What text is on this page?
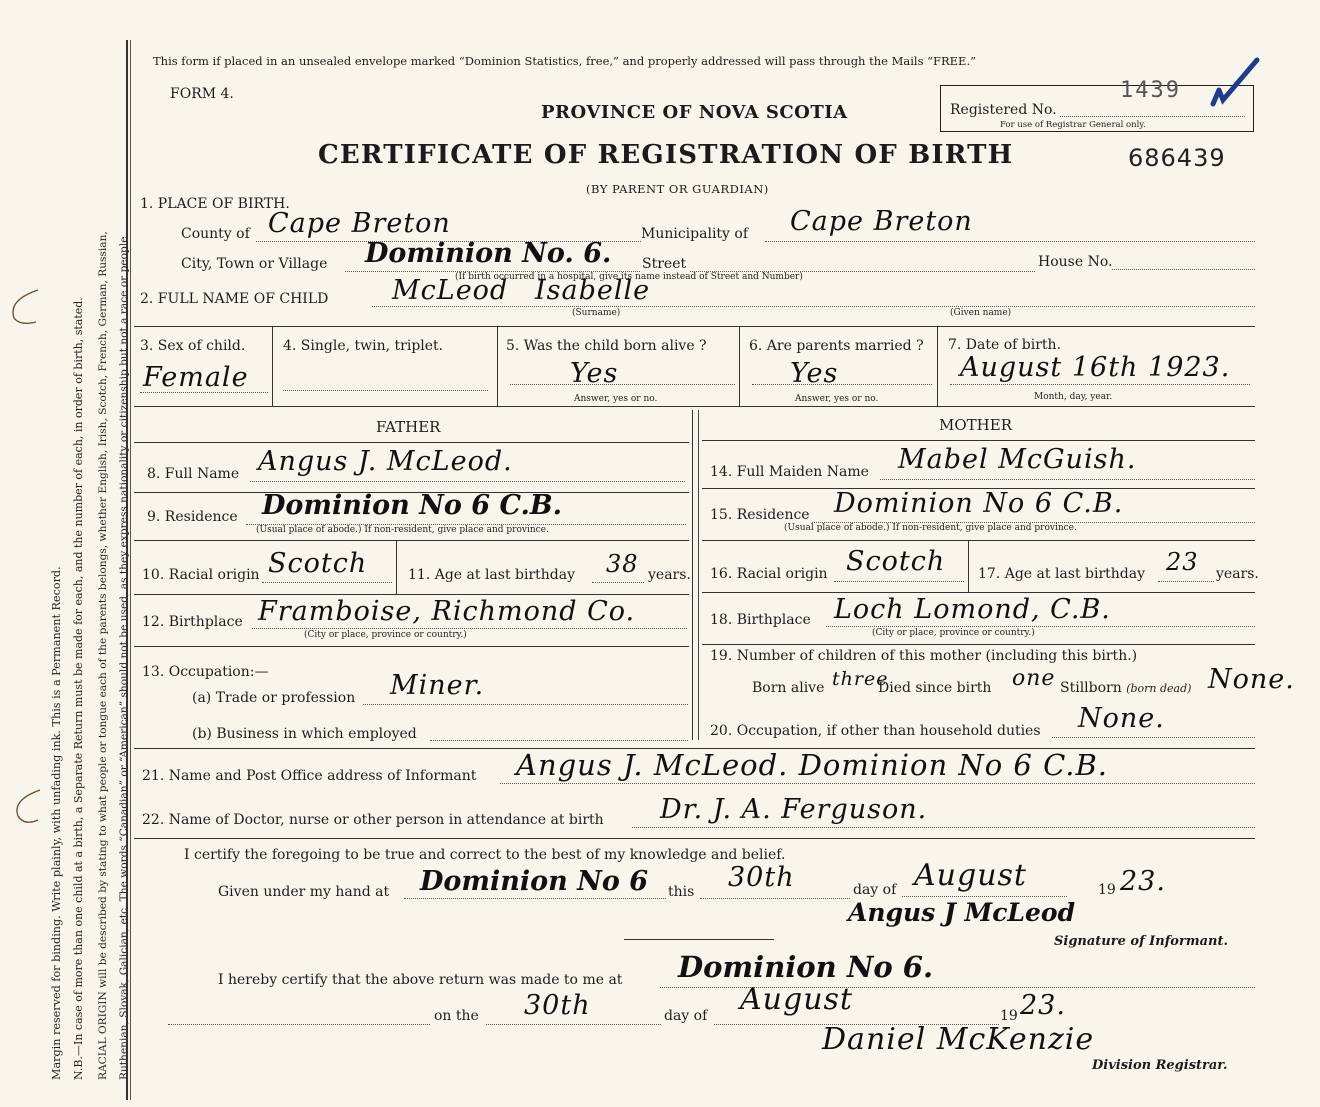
Margin reserved for binding. Write plainly, with unfading ink. This is a Permanent Record. N.B.—In case of more than one child at a birth, a Separate Return must be made for each, and the number of each, in order of birth, stated. RACIAL ORIGIN will be described by stating to what people or tongue each of the parents belongs, whether English, Irish, Scotch, French, German, Russian, Ruthenian, Slovak, Galician, etc. The words “Canadian” or “American” should not be used, as they express nationality or citizenship but not a race or people.
This form if placed in an unsealed envelope marked “Dominion Statistics, free,” and properly addressed will pass through the Mails “FREE.”
FORM 4.
PROVINCE OF NOVA SCOTIA	Registered No.
1439
For use of Registrar General only.
CERTIFICATE OF REGISTRATION OF BIRTH	686439
(BY PARENT OR GUARDIAN)
1. PLACE OF BIRTH.
County of Cape Breton	Municipality of Cape Breton
City, Town or Village Dominion No. 6. Street	House No.
(If birth occurred in a hospital, give its name instead of Street and Number)
2. FULL NAME OF CHILD McLeod Isabelle
(Surname)	(Given name)
3. Sex of child.
Female
4. Single, twin, triplet.	5. Was the child born alive ?
Yes
Answer, yes or no.
6. Are parents married ?
Yes
Answer, yes or no.
7. Date of birth.
August 16th 1923.
Month, day, year.
FATHER	MOTHER
8. Full Name Angus J. McLeod.
9. Residence Dominion No 6 C.B.
(Usual place of abode.) If non-resident, give place and province.
10. Racial origin Scotch	11. Age at last birthday 38 years.
12. Birthplace Framboise, Richmond Co.
(City or place, province or country.)
13. Occupation:—
(a) Trade or profession Miner.
(b) Business in which employed
14. Full Maiden Name Mabel McGuish.
15. Residence Dominion No 6 C.B.
(Usual place of abode.) If non-resident, give place and province.
16. Racial origin Scotch 17. Age at last birthday 23 years.
18. Birthplace Loch Lomond, C.B.
(City or place, province or country.)
19. Number of children of this mother (including this birth.)
Born alive three
Died since birth one Stillborn (born dead) None.
20. Occupation, if other than household duties None.
21. Name and Post Office address of Informant Angus J. McLeod. Dominion No 6 C.B.
22. Name of Doctor, nurse or other person in attendance at birth Dr. J. A. Ferguson.
I certify the foregoing to be true and correct to the best of my knowledge and belief.
Given under my hand at Dominion No 6 this 30th	day of August	19 23.
Angus J McLeod
Signature of Informant.
I hereby certify that the above return was made to me at Dominion No 6.
on the 30th	day of August	19 23.
Daniel McKenzie
Division Registrar.
